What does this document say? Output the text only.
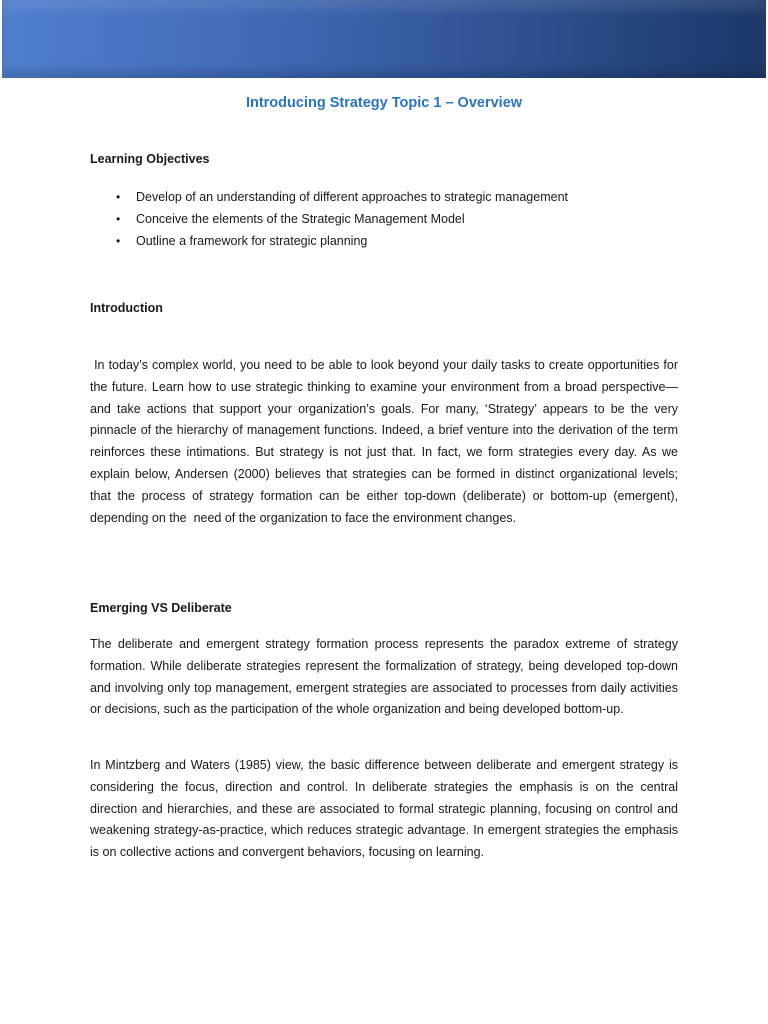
Introducing Strategy Topic 1 – Overview
Learning Objectives
• Develop of an understanding of different approaches to strategic management
• Conceive the elements of the Strategic Management Model
• Outline a framework for strategic planning
Introduction

In today’s complex world, you need to be able to look beyond your daily tasks to create opportunities for the future. Learn how to use strategic thinking to examine your environment from a broad perspective—and take actions that support your organization’s goals. For many, ‘Strategy’ appears to be the very pinnacle of the hierarchy of management functions. Indeed, a brief venture into the derivation of the term reinforces these intimations. But strategy is not just that. In fact, we form strategies every day. As we explain below, Andersen (2000) believes that strategies can be formed in distinct organizational levels; that the process of strategy formation can be either top-down (deliberate) or bottom-up (emergent), depending on the  need of the organization to face the environment changes.

Emerging VS Deliberate

The deliberate and emergent strategy formation process represents the paradox extreme of strategy formation. While deliberate strategies represent the formalization of strategy, being developed top-down and involving only top management, emergent strategies are associated to processes from daily activities or decisions, such as the participation of the whole organization and being developed bottom-up.

In Mintzberg and Waters (1985) view, the basic difference between deliberate and emergent strategy is considering the focus, direction and control. In deliberate strategies the emphasis is on the central direction and hierarchies, and these are associated to formal strategic planning, focusing on control and weakening strategy-as-practice, which reduces strategic advantage. In emergent strategies the emphasis is on collective actions and convergent behaviors, focusing on learning.
